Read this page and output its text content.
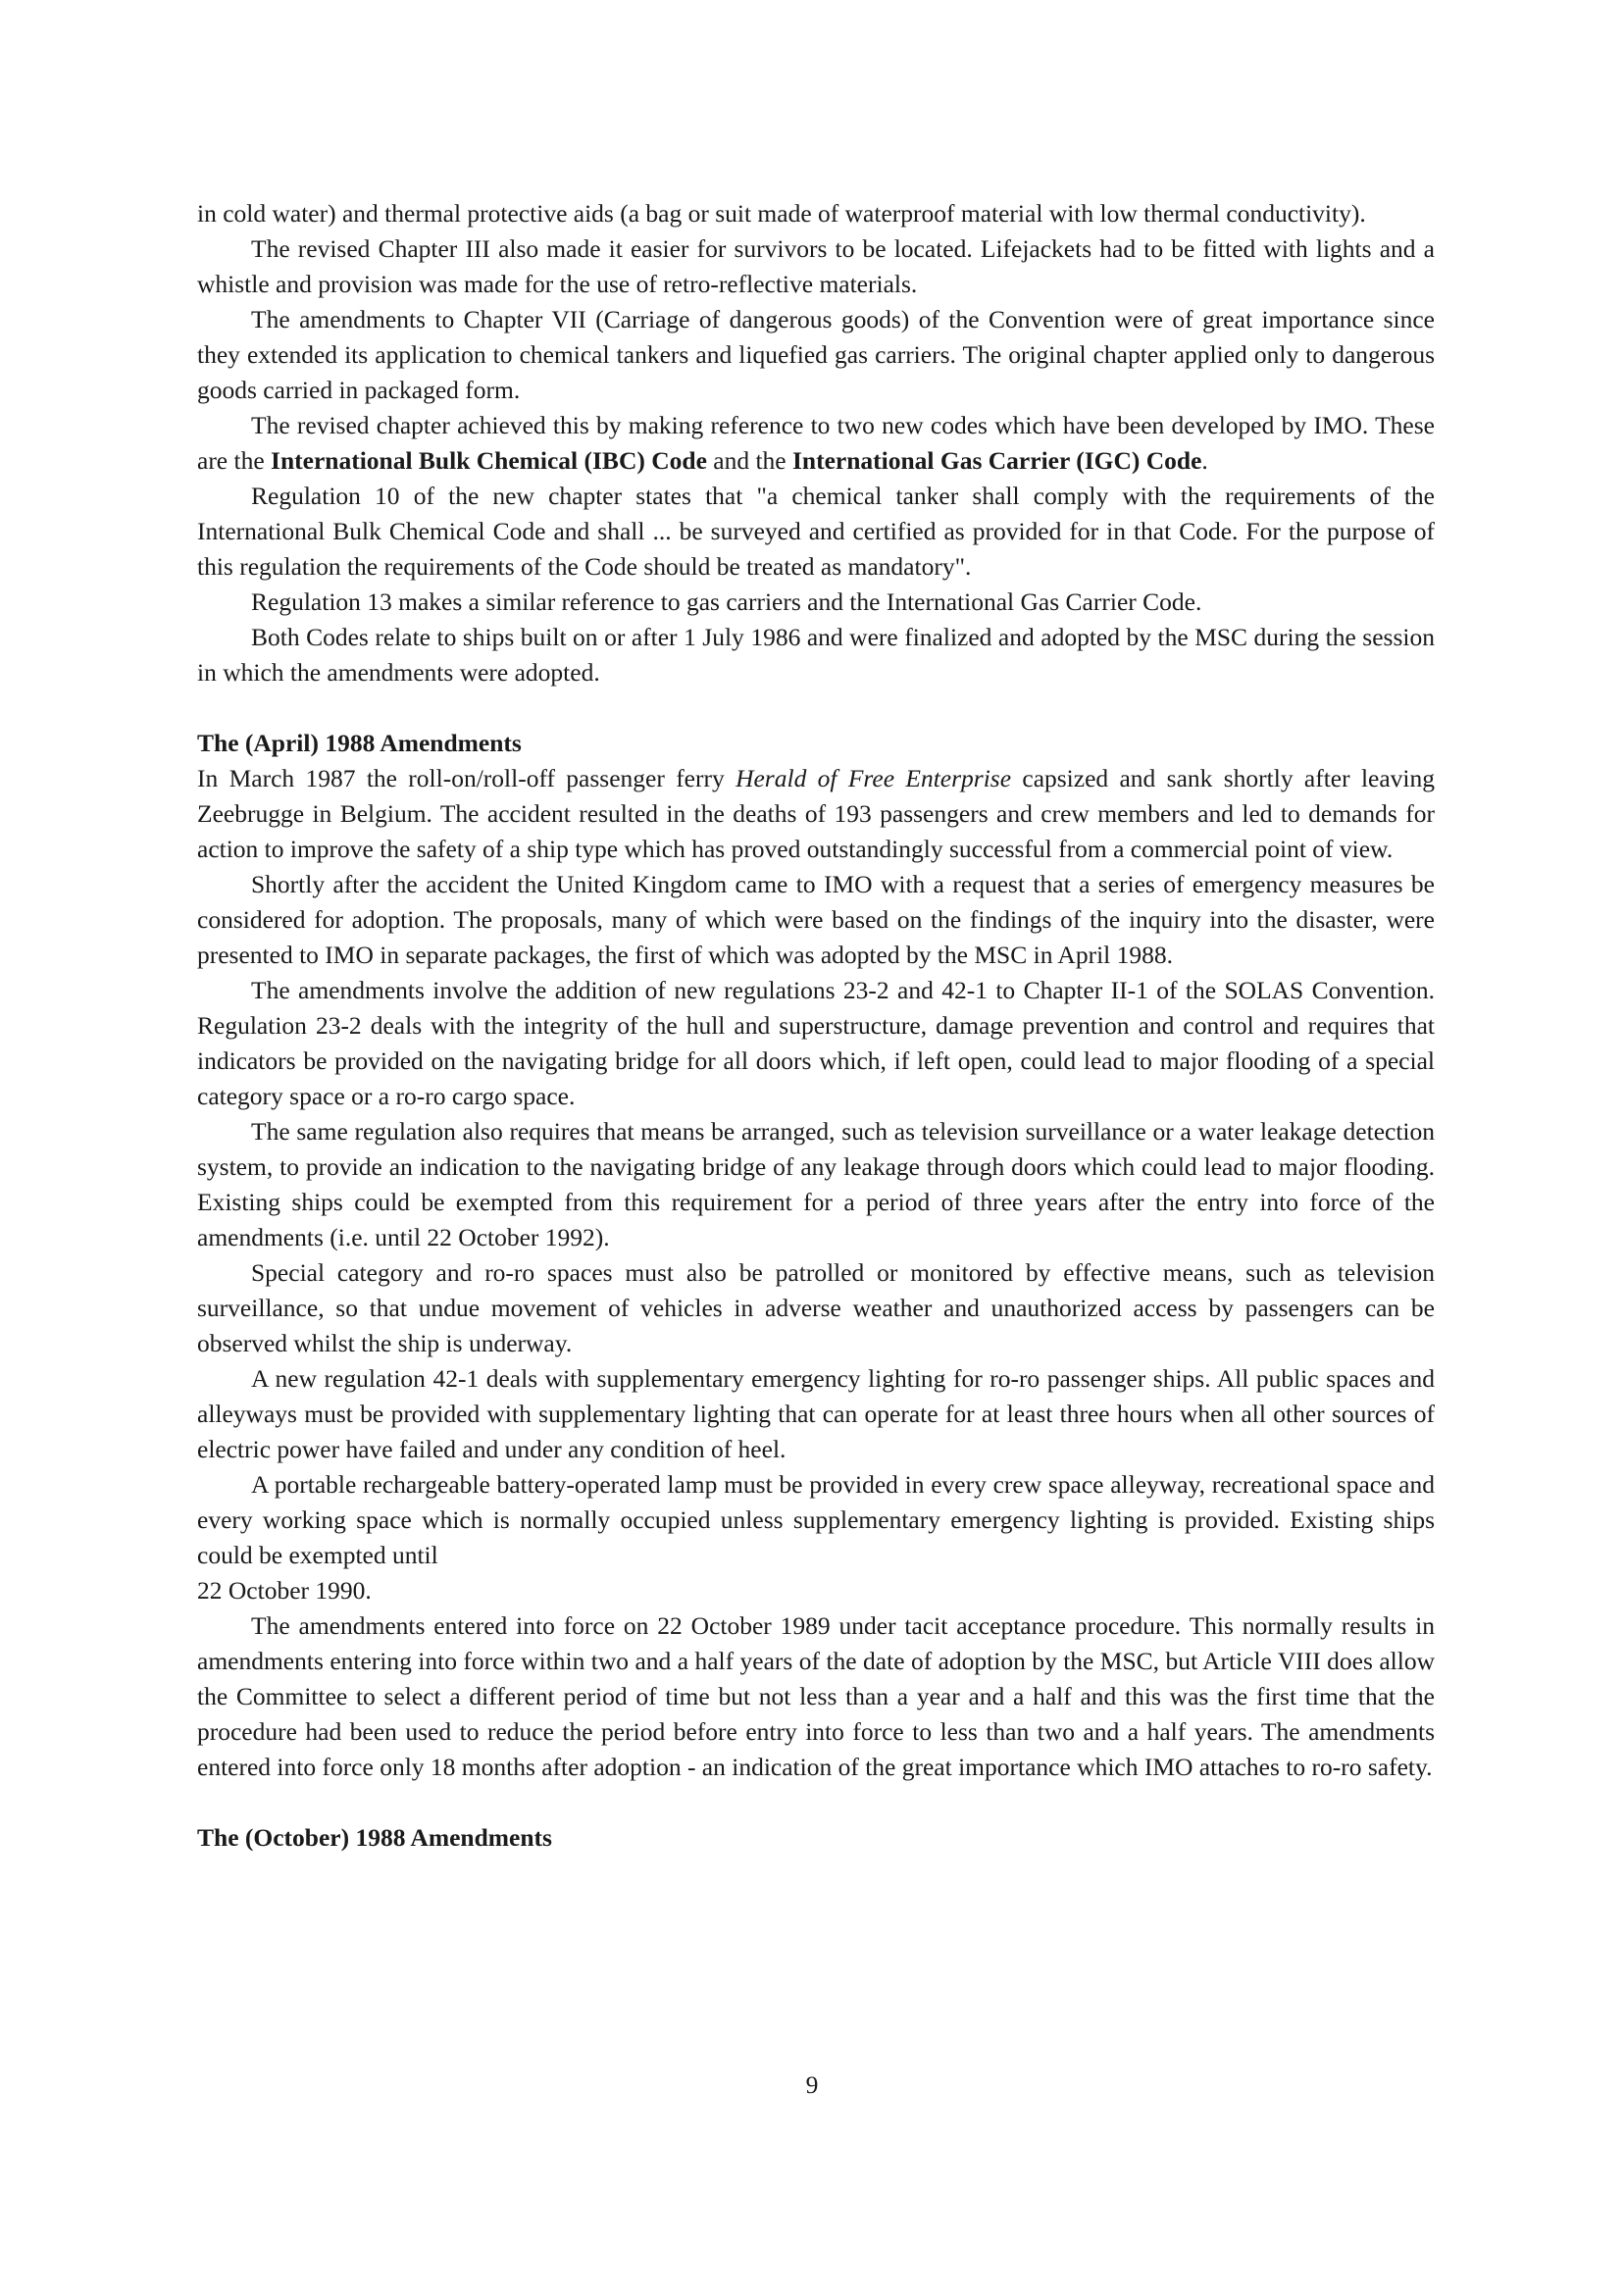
in cold water) and thermal protective aids (a bag or suit made of waterproof material with low thermal conductivity).

The revised Chapter III also made it easier for survivors to be located. Lifejackets had to be fitted with lights and a whistle and provision was made for the use of retro-reflective materials.

The amendments to Chapter VII (Carriage of dangerous goods) of the Convention were of great importance since they extended its application to chemical tankers and liquefied gas carriers. The original chapter applied only to dangerous goods carried in packaged form.

The revised chapter achieved this by making reference to two new codes which have been developed by IMO. These are the International Bulk Chemical (IBC) Code and the International Gas Carrier (IGC) Code.

Regulation 10 of the new chapter states that "a chemical tanker shall comply with the requirements of the International Bulk Chemical Code and shall ... be surveyed and certified as provided for in that Code. For the purpose of this regulation the requirements of the Code should be treated as mandatory".

Regulation 13 makes a similar reference to gas carriers and the International Gas Carrier Code.

Both Codes relate to ships built on or after 1 July 1986 and were finalized and adopted by the MSC during the session in which the amendments were adopted.

The (April) 1988 Amendments

In March 1987 the roll-on/roll-off passenger ferry Herald of Free Enterprise capsized and sank shortly after leaving Zeebrugge in Belgium. The accident resulted in the deaths of 193 passengers and crew members and led to demands for action to improve the safety of a ship type which has proved outstandingly successful from a commercial point of view.

Shortly after the accident the United Kingdom came to IMO with a request that a series of emergency measures be considered for adoption. The proposals, many of which were based on the findings of the inquiry into the disaster, were presented to IMO in separate packages, the first of which was adopted by the MSC in April 1988.

The amendments involve the addition of new regulations 23-2 and 42-1 to Chapter II-1 of the SOLAS Convention. Regulation 23-2 deals with the integrity of the hull and superstructure, damage prevention and control and requires that indicators be provided on the navigating bridge for all doors which, if left open, could lead to major flooding of a special category space or a ro-ro cargo space.

The same regulation also requires that means be arranged, such as television surveillance or a water leakage detection system, to provide an indication to the navigating bridge of any leakage through doors which could lead to major flooding. Existing ships could be exempted from this requirement for a period of three years after the entry into force of the amendments (i.e. until 22 October 1992).

Special category and ro-ro spaces must also be patrolled or monitored by effective means, such as television surveillance, so that undue movement of vehicles in adverse weather and unauthorized access by passengers can be observed whilst the ship is underway.

A new regulation 42-1 deals with supplementary emergency lighting for ro-ro passenger ships. All public spaces and alleyways must be provided with supplementary lighting that can operate for at least three hours when all other sources of electric power have failed and under any condition of heel.

A portable rechargeable battery-operated lamp must be provided in every crew space alleyway, recreational space and every working space which is normally occupied unless supplementary emergency lighting is provided. Existing ships could be exempted until

22 October 1990.

The amendments entered into force on 22 October 1989 under tacit acceptance procedure. This normally results in amendments entering into force within two and a half years of the date of adoption by the MSC, but Article VIII does allow the Committee to select a different period of time but not less than a year and a half and this was the first time that the procedure had been used to reduce the period before entry into force to less than two and a half years. The amendments entered into force only 18 months after adoption - an indication of the great importance which IMO attaches to ro-ro safety.

The (October) 1988 Amendments
9
